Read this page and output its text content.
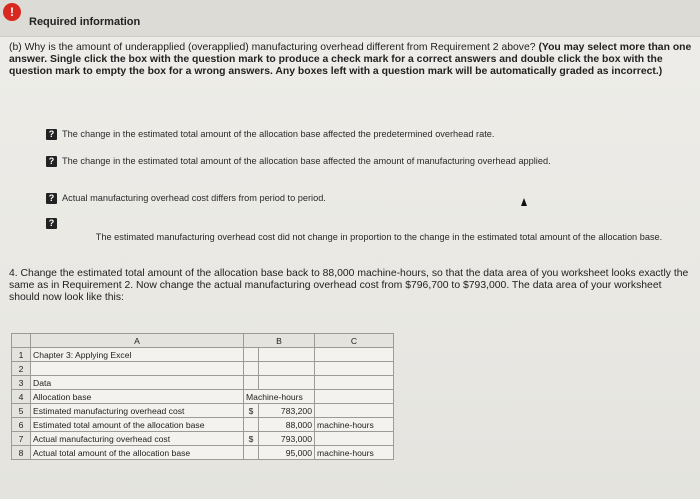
!
Required information
(b) Why is the amount of underapplied (overapplied) manufacturing overhead different from Requirement 2 above? (You may select more than one answer. Single click the box with the question mark to produce a check mark for a correct answers and double click the box with the question mark to empty the box for a wrong answers. Any boxes left with a question mark will be automatically graded as incorrect.)
? The change in the estimated total amount of the allocation base affected the predetermined overhead rate.
? The change in the estimated total amount of the allocation base affected the amount of manufacturing overhead applied.
? Actual manufacturing overhead cost differs from period to period.
?
The estimated manufacturing overhead cost did not change in proportion to the change in the estimated total amount of the allocation base.
4. Change the estimated total amount of the allocation base back to 88,000 machine-hours, so that the data area of you worksheet looks exactly the same as in Requirement 2. Now change the actual manufacturing overhead cost from $796,700 to $793,000. The data area of your worksheet should now look like this:
	A	B		C
1	Chapter 3: Applying Excel			
2				
3	Data			
4	Allocation base	Machine-hours		
5	Estimated manufacturing overhead cost	$	783,200	
6	Estimated total amount of the allocation base		88,000	machine-hours
7	Actual manufacturing overhead cost	$	793,000	
8	Actual total amount of the allocation base		95,000	machine-hours
